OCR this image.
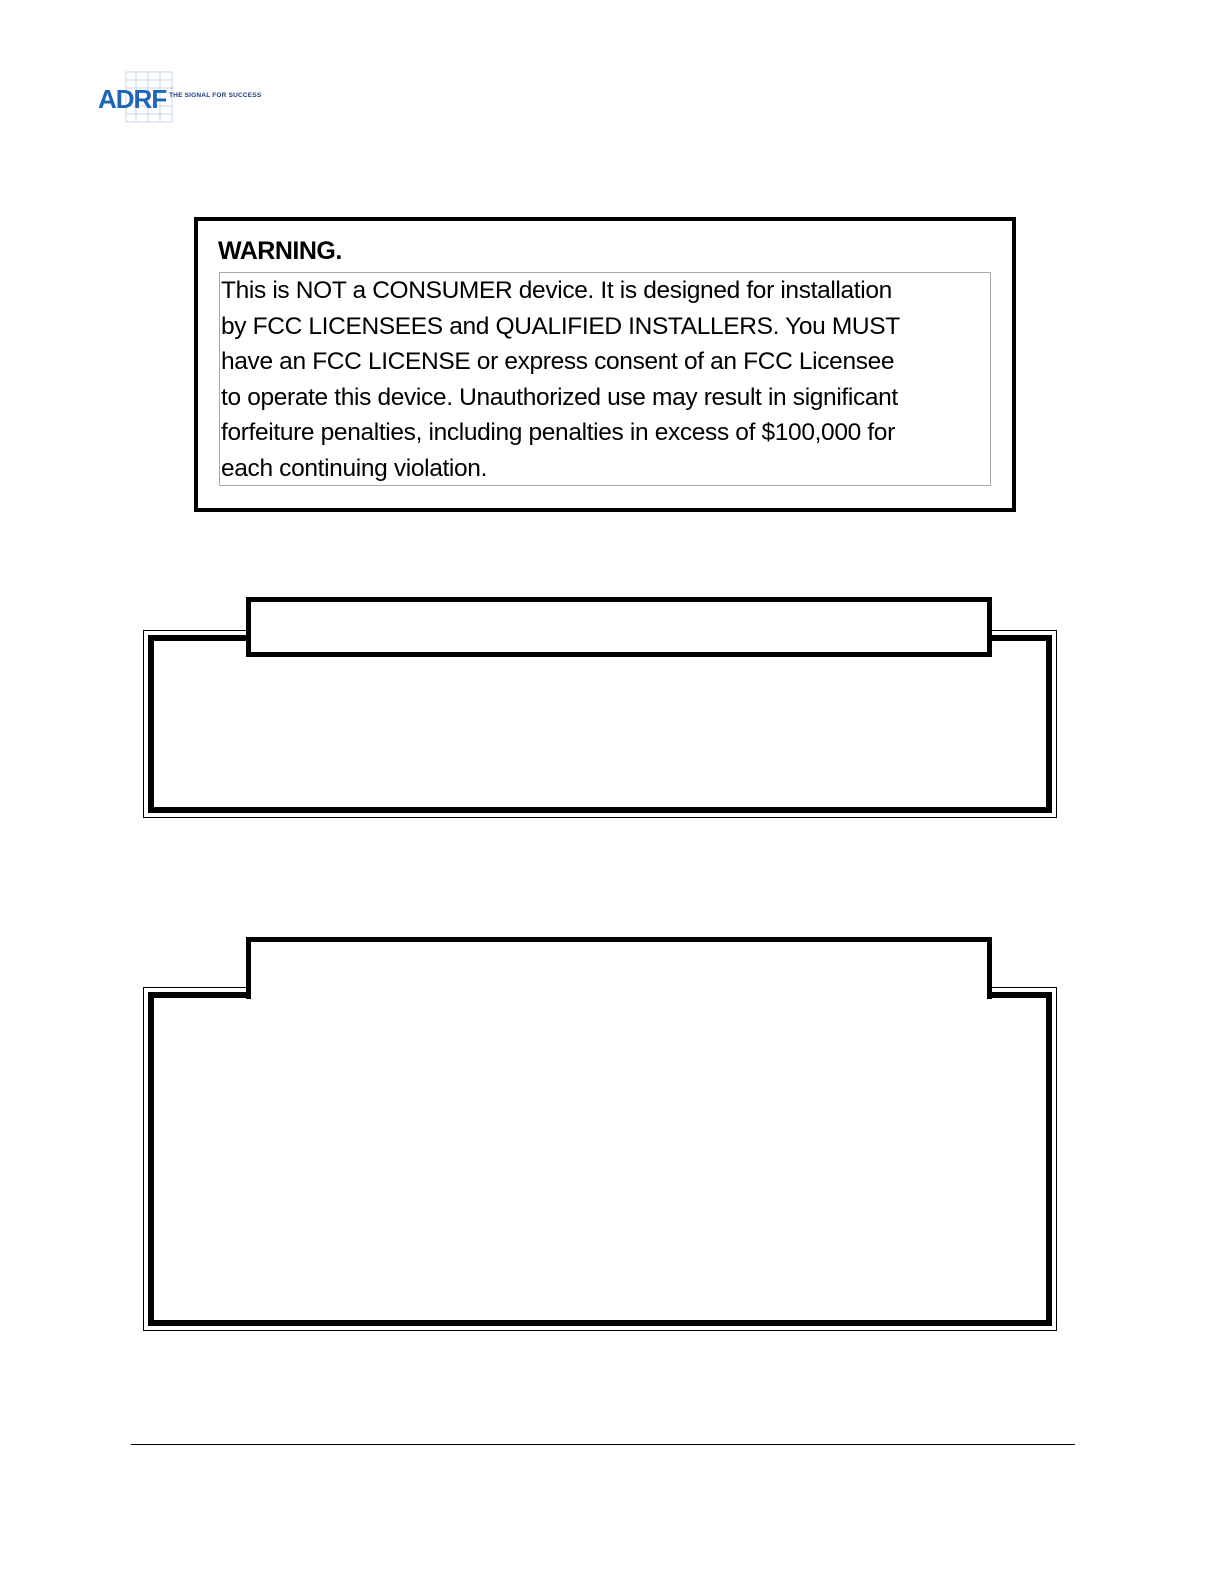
ADRF THE SIGNAL FOR SUCCESS
WARNING.
This is NOT a CONSUMER device. It is designed for installation
by FCC LICENSEES and QUALIFIED INSTALLERS. You MUST
have an FCC LICENSE or express consent of an FCC Licensee
to operate this device. Unauthorized use may result in significant
forfeiture penalties, including penalties in excess of $100,000 for
each continuing violation.
